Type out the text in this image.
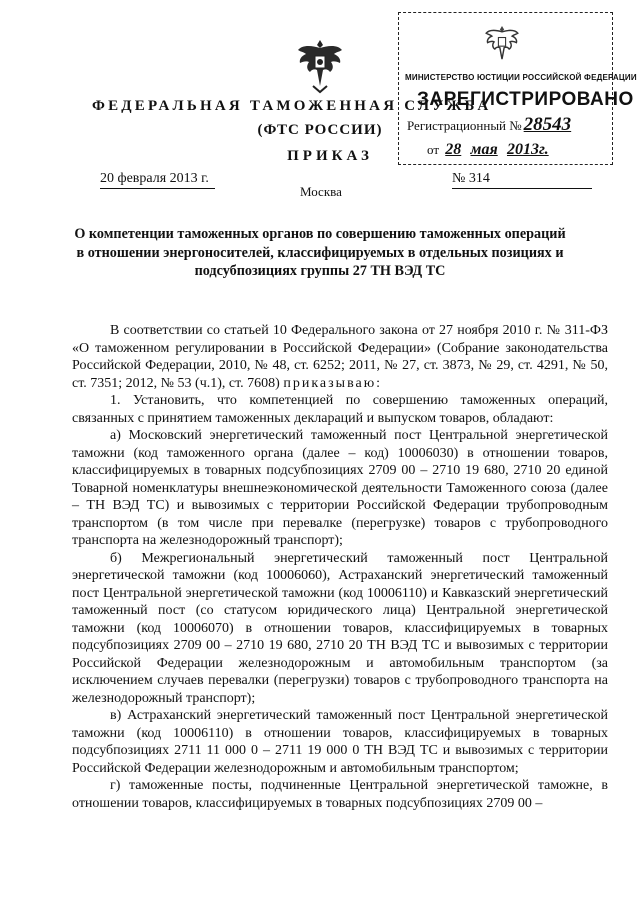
ФЕДЕРАЛЬНАЯ ТАМОЖЕННАЯ СЛУЖБА
(ФТС РОССИИ)
ПРИКАЗ
20 февраля 2013 г.	№ 314
Москва
МИНИСТЕРСТВО ЮСТИЦИИ РОССИЙСКОЙ ФЕДЕРАЦИИ
ЗАРЕГИСТРИРОВАНО
Регистрационный № 28543
от 28 мая 2013г.
О компетенции таможенных органов по совершению таможенных операций в отношении энергоносителей, классифицируемых в отдельных позициях и подсубпозициях группы 27 ТН ВЭД ТС

В соответствии со статьей 10 Федерального закона от 27 ноября 2010 г. № 311-ФЗ «О таможенном регулировании в Российской Федерации» (Собрание законодательства Российской Федерации, 2010, № 48, ст. 6252; 2011, № 27, ст. 3873, № 29, ст. 4291, № 50, ст. 7351; 2012, № 53 (ч.1), ст. 7608) приказываю:

1. Установить, что компетенцией по совершению таможенных операций, связанных с принятием таможенных деклараций и выпуском товаров, обладают:

а) Московский энергетический таможенный пост Центральной энергетической таможни (код таможенного органа (далее – код) 10006030) в отношении товаров, классифицируемых в товарных подсубпозициях 2709 00 – 2710 19 680, 2710 20 единой Товарной номенклатуры внешнеэкономической деятельности Таможенного союза (далее – ТН ВЭД ТС) и вывозимых с территории Российской Федерации трубопроводным транспортом (в том числе при перевалке (перегрузке) товаров с трубопроводного транспорта на железнодорожный транспорт);

б) Межрегиональный энергетический таможенный пост Центральной энергетической таможни (код 10006060), Астраханский энергетический таможенный пост Центральной энергетической таможни (код 10006110) и Кавказский энергетический таможенный пост (со статусом юридического лица) Центральной энергетической таможни (код 10006070) в отношении товаров, классифицируемых в товарных подсубпозициях 2709 00 – 2710 19 680, 2710 20 ТН ВЭД ТС и вывозимых с территории Российской Федерации железнодорожным и автомобильным транспортом (за исключением случаев перевалки (перегрузки) товаров с трубопроводного транспорта на железнодорожный транспорт);

в) Астраханский энергетический таможенный пост Центральной энергетической таможни (код 10006110) в отношении товаров, классифицируемых в товарных подсубпозициях 2711 11 000 0 – 2711 19 000 0 ТН ВЭД ТС и вывозимых с территории Российской Федерации железнодорожным и автомобильным транспортом;

г) таможенные посты, подчиненные Центральной энергетической таможне, в отношении товаров, классифицируемых в товарных подсубпозициях 2709 00 –
